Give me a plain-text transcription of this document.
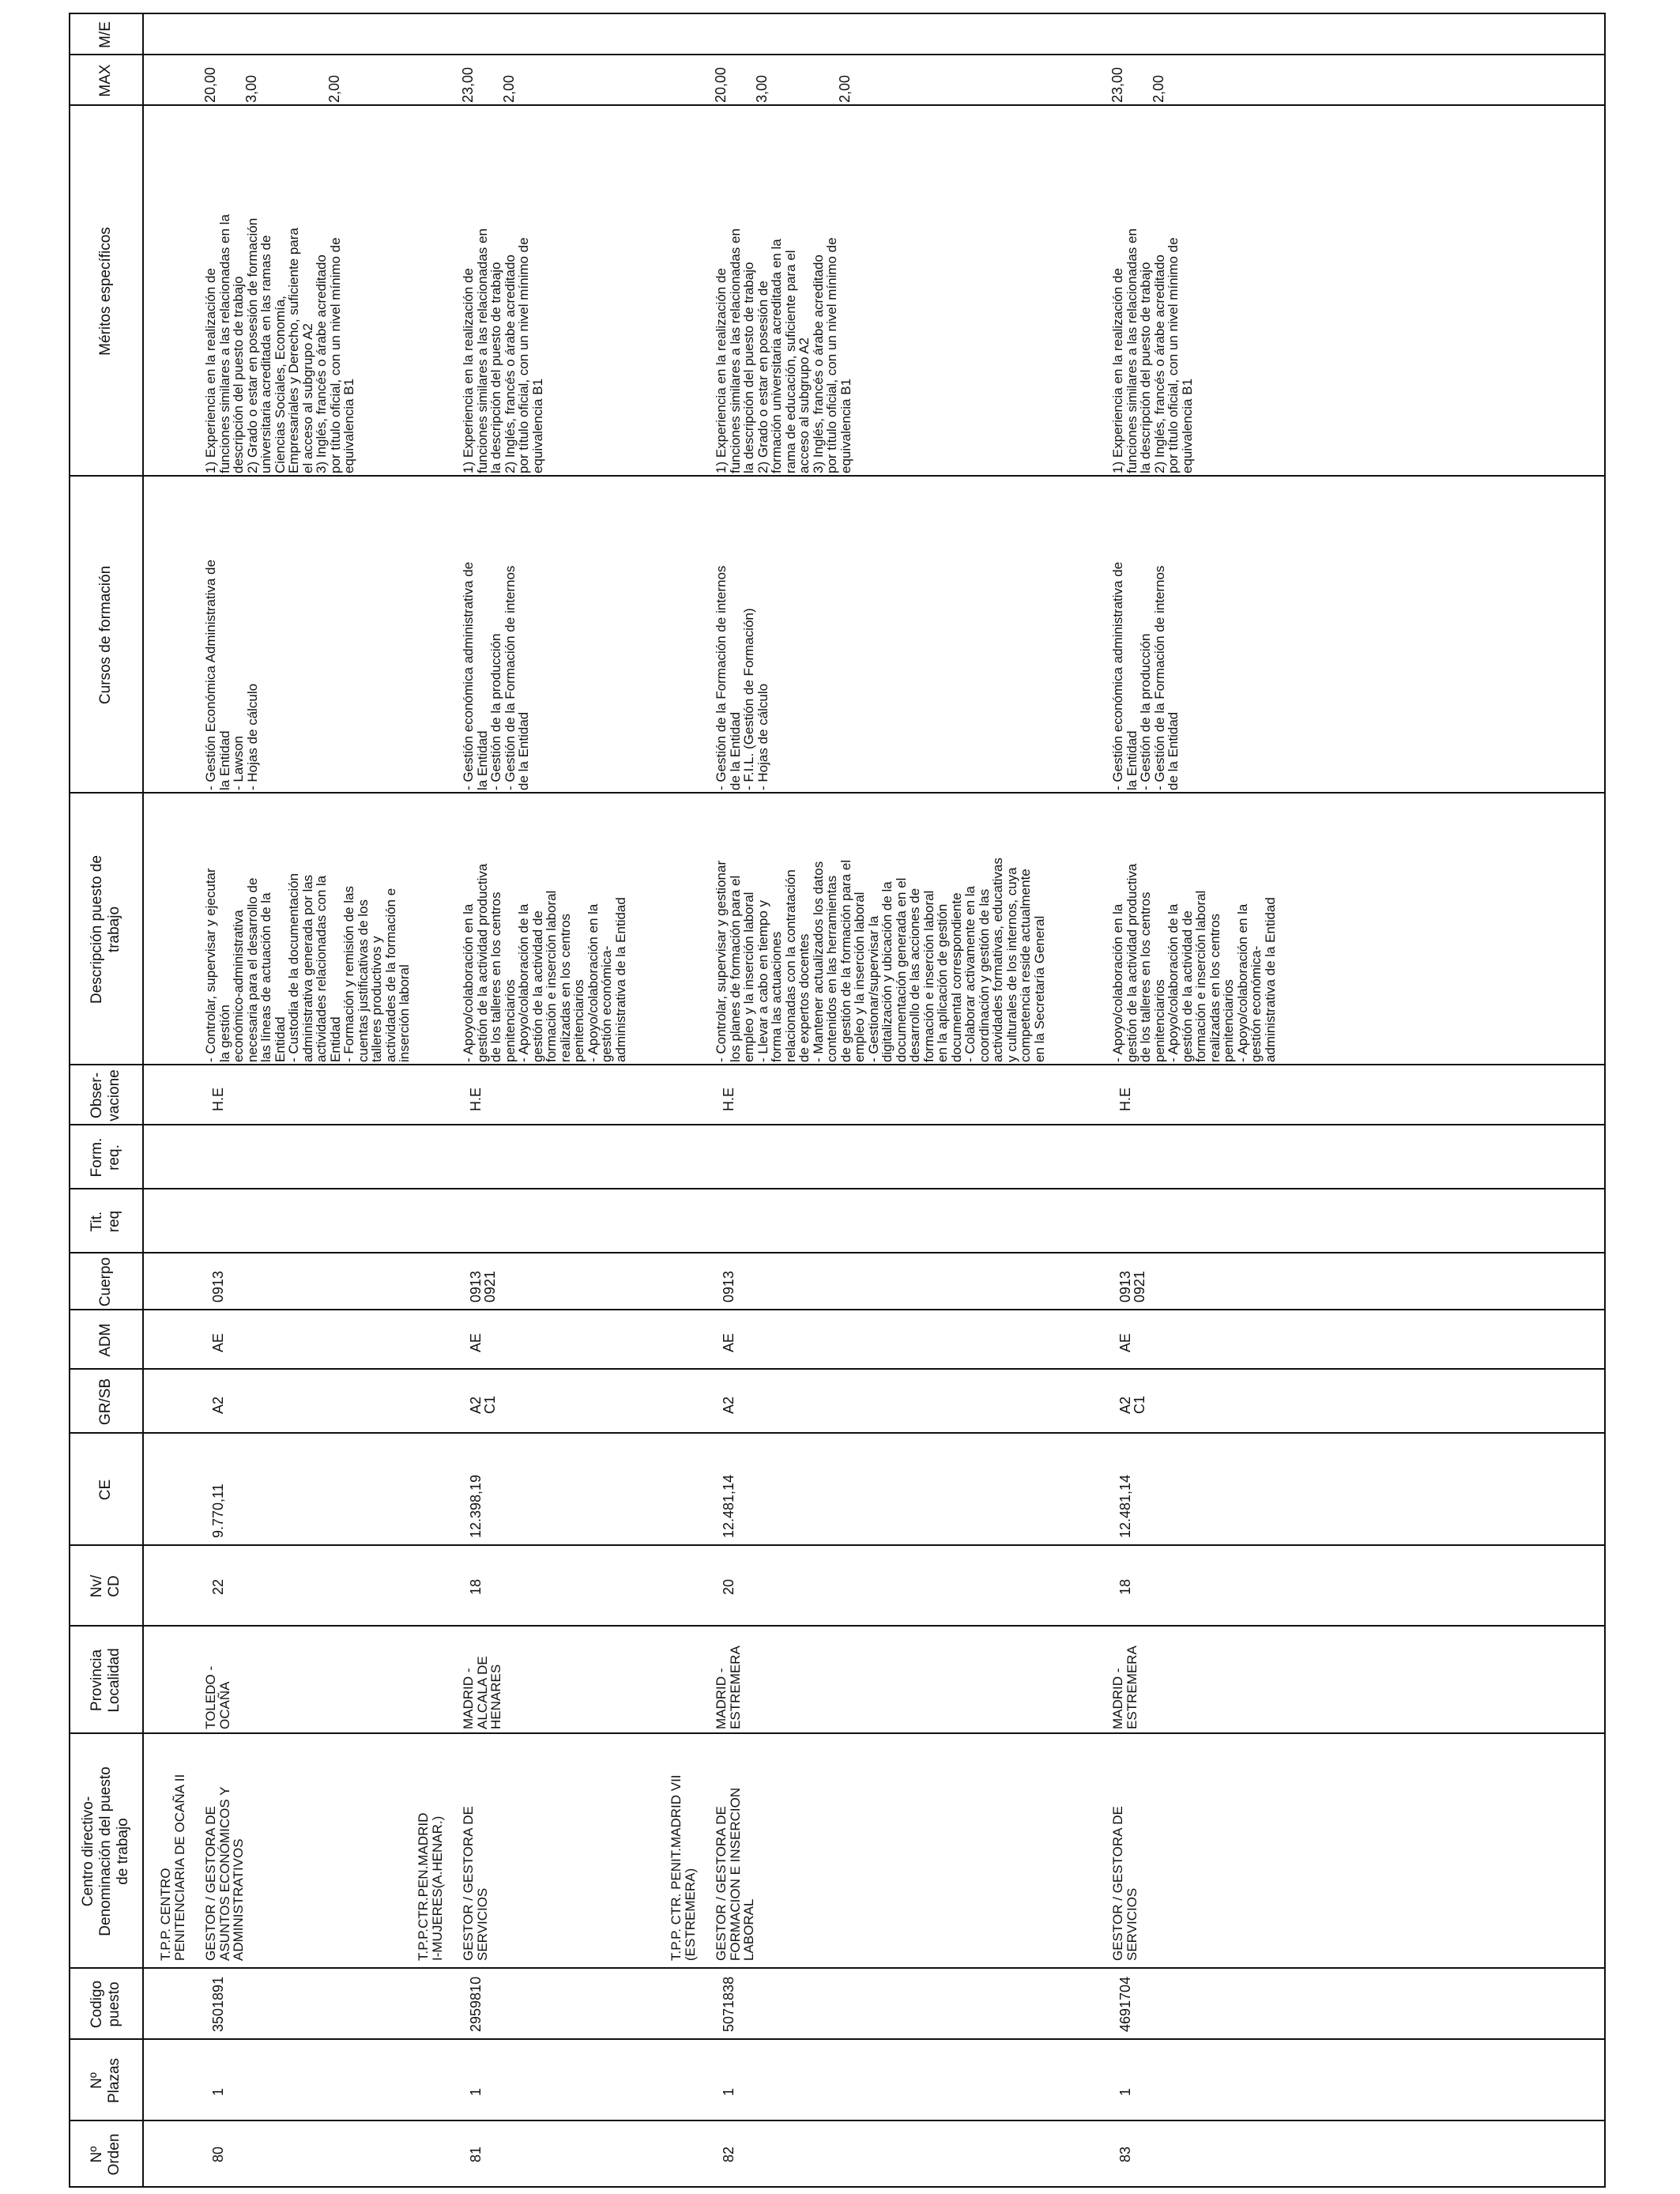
Nº
Orden
Nº
Plazas
Codigo
puesto
Centro directivo-
Denominación del puesto
de trabajo
Provincia
Localidad
Nv/
CD
CE
GR/SB
ADM
Cuerpo
Tit.
req
Form.
req.
Obser-
vacione
Descripción puesto de
trabajo
Cursos de formación
Méritos específicos
MAX
M/E
80
1
3501891
T.P.P. CENTRO
PENITENCIARIA DE OCAÑA II
GESTOR / GESTORA DE
ASUNTOS ECONÓMICOS Y
ADMINISTRATIVOS
TOLEDO -
OCAÑA
22
9.770,11
A2
AE
0913
H.E
- Controlar, supervisar y ejecutar
la gestión
económico-administrativa
necesaria para el desarrollo de
las líneas de actuación de la
Entidad
- Custodia de la documentación
administrativa generada por las
actividades relacionadas con la
Entidad
- Formación y remisión de las
cuentas justificativas de los
talleres productivos y
actividades de la formación e
inserción laboral
- Gestión Económica Administrativa de
la Entidad
- Lawson
- Hojas de cálculo
1) Experiencia en la realización de
funciones similares a las relacionadas en la
descripción del puesto de trabajo
2) Grado o estar en posesión de formación
universitaria acreditada en las ramas de
Ciencias Sociales, Economía,
Empresariales y Derecho, suficiente para
el acceso al subgrupo A2
3) Inglés, francés o árabe acreditado
por título oficial, con un nivel mínimo de
equivalencia B1
20,00 3,00	2,00
81
1
2959810
T.P.P.CTR.PEN.MADRID
I-MUJERES(A.HENAR.) GESTOR / GESTORA DE
SERVICIOS
MADRID -
ALCALA DE
HENARES
18
12.398,19
A2
C1
AE
0913
0921
H.E
- Apoyo/colaboración en la
gestión de la actividad productiva
de los talleres en los centros
penitenciarios
- Apoyo/colaboración de la
gestión de la actividad de
formación e inserción laboral
realizadas en los centros
penitenciarios
- Apoyo/colaboración en la
gestión económica-
administrativa de la Entidad
- Gestión económica administrativa de
la Entidad
- Gestión de la producción
- Gestión de la Formación de internos
de la Entidad
1) Experiencia en la realización de
funciones similares a las relacionadas en
la descripción del puesto de trabajo
2) Inglés, francés o árabe acreditado
por título oficial, con un nivel mínimo de
equivalencia B1
23,00 2,00
82
1
5071838
T.P.P. CTR. PENIT.MADRID VII
(ESTREMERA) GESTOR / GESTORA DE
FORMACION E INSERCION
LABORAL
MADRID -
ESTREMERA
20
12.481,14
A2
AE
0913
H.E
- Controlar, supervisar y gestionar
los planes de formación para el
empleo y la inserción laboral
- Llevar a cabo en tiempo y
forma las actuaciones
relacionadas con la contratación
de expertos docentes
- Mantener actualizados los datos
contenidos en las herramientas
de gestión de la formación para el
empleo y la inserción laboral
- Gestionar/supervisar la
digitalización y ubicación de la
documentación generada en el
desarrollo de las acciones de
formación e inserción laboral
en la aplicación de gestión
documental correspondiente
- Colaborar activamente en la
coordinación y gestión de las
actividades formativas, educativas
y culturales de los internos, cuya
competencia reside actualmente
en la Secretaría General
- Gestión de la Formación de internos
de la Entidad
- F.I.L. (Gestión de Formación)
- Hojas de cálculo
1) Experiencia en la realización de
funciones similares a las relacionadas en
la descripción del puesto de trabajo
2) Grado o estar en posesión de
formación universitaria acreditada en la
rama de educación, suficiente para el
acceso al subgrupo A2
3) Inglés, francés o árabe acreditado
por título oficial, con un nivel mínimo de
equivalencia B1
20,00 3,00	2,00
83
1
4691704
GESTOR / GESTORA DE
SERVICIOS
MADRID -
ESTREMERA
18
12.481,14
A2
C1
AE
0913
0921
H.E
- Apoyo/colaboración en la
gestión de la actividad productiva
de los talleres en los centros
penitenciarios
- Apoyo/colaboración de la
gestión de la actividad de
formación e inserción laboral
realizadas en los centros
penitenciarios
- Apoyo/colaboración en la
gestión económica-
administrativa de la Entidad
- Gestión económica administrativa de
la Entidad
- Gestión de la producción
- Gestión de la Formación de internos
de la Entidad
1) Experiencia en la realización de
funciones similares a las relacionadas en
la descripción del puesto de trabajo
2) Inglés, francés o árabe acreditado
por título oficial, con un nivel mínimo de
equivalencia B1
23,00 2,00
